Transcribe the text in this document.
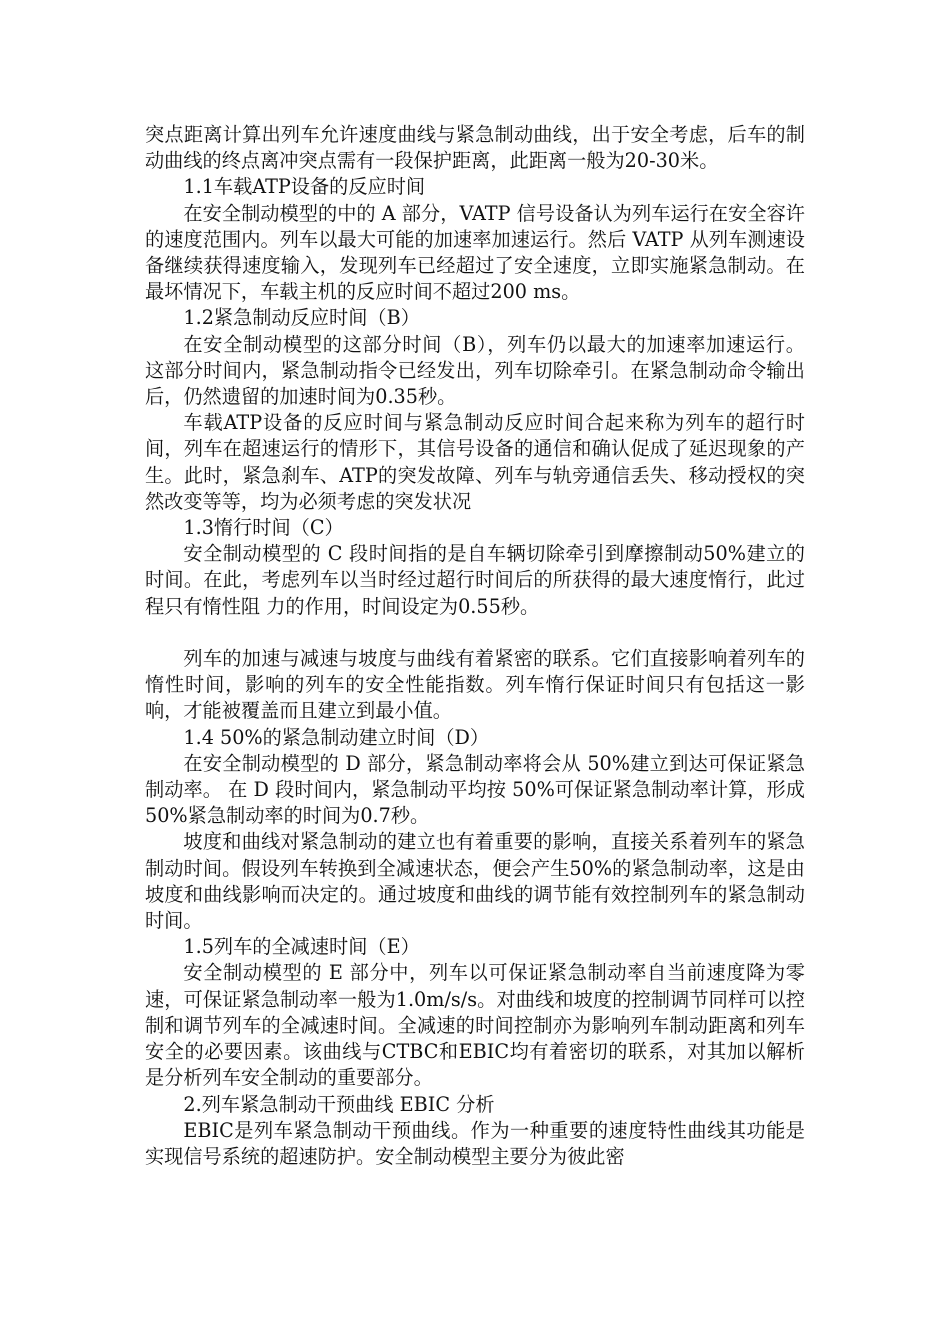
突点距离计算出列车允许速度曲线与紧急制动曲线，出于安全考虑，后车的制动曲线的终点离冲突点需有一段保护距离，此距离一般为20-30米。

1.1车载ATP设备的反应时间

在安全制动模型的中的 A 部分，VATP 信号设备认为列车运行在安全容许的速度范围内。列车以最大可能的加速率加速运行。然后 VATP 从列车测速设备继续获得速度输入，发现列车已经超过了安全速度，立即实施紧急制动。在最坏情况下，车载主机的反应时间不超过200 ms。

1.2紧急制动反应时间（B）

在安全制动模型的这部分时间（B），列车仍以最大的加速率加速运行。 这部分时间内，紧急制动指令已经发出，列车切除牵引。在紧急制动命令输出后，仍然遗留的加速时间为0.35秒。

车载ATP设备的反应时间与紧急制动反应时间合起来称为列车的超行时间，列车在超速运行的情形下，其信号设备的通信和确认促成了延迟现象的产生。此时，紧急刹车、ATP的突发故障、列车与轨旁通信丢失、移动授权的突然改变等等，均为必须考虑的突发状况

1.3惰行时间（C）

安全制动模型的 C 段时间指的是自车辆切除牵引到摩擦制动50%建立的时间。在此，考虑列车以当时经过超行时间后的所获得的最大速度惰行，此过程只有惰性阻 力的作用，时间设定为0.55秒。

列车的加速与减速与坡度与曲线有着紧密的联系。它们直接影响着列车的惰性时间，影响的列车的安全性能指数。列车惰行保证时间只有包括这一影响，才能被覆盖而且建立到最小值。

1.4 50%的紧急制动建立时间（D）

在安全制动模型的 D 部分，紧急制动率将会从 50%建立到达可保证紧急制动率。 在 D 段时间内，紧急制动平均按 50%可保证紧急制动率计算，形成 50%紧急制动率的时间为0.7秒。

坡度和曲线对紧急制动的建立也有着重要的影响，直接关系着列车的紧急制动时间。假设列车转换到全减速状态，便会产生50%的紧急制动率，这是由坡度和曲线影响而决定的。通过坡度和曲线的调节能有效控制列车的紧急制动时间。

1.5列车的全减速时间（E）

安全制动模型的 E 部分中，列车以可保证紧急制动率自当前速度降为零速，可保证紧急制动率一般为1.0m/s/s。对曲线和坡度的控制调节同样可以控制和调节列车的全减速时间。全减速的时间控制亦为影响列车制动距离和列车安全的必要因素。该曲线与CTBC和EBIC均有着密切的联系，对其加以解析是分析列车安全制动的重要部分。

2.列车紧急制动干预曲线 EBIC 分析

EBIC是列车紧急制动干预曲线。作为一种重要的速度特性曲线其功能是实现信号系统的超速防护。安全制动模型主要分为彼此密
